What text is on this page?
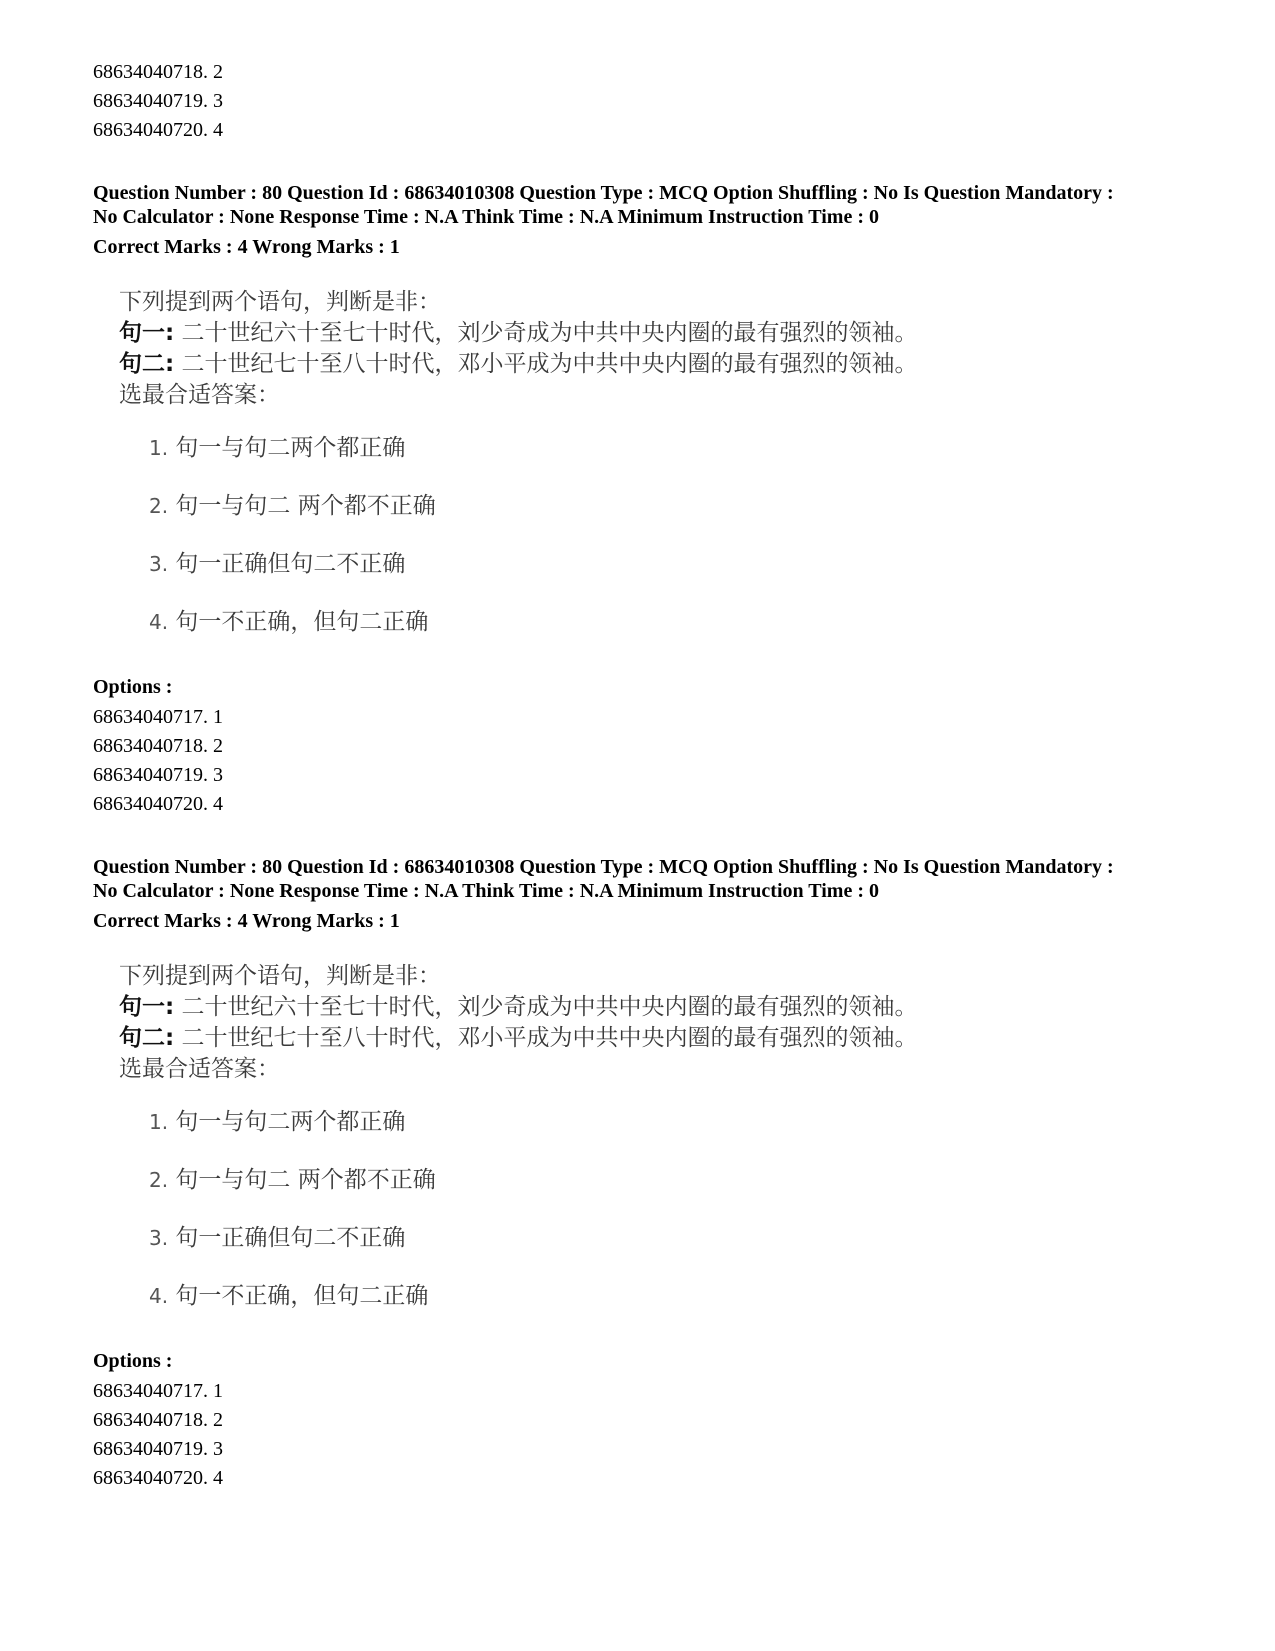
68634040718. 2

68634040719. 3

68634040720. 4

Question Number : 80 Question Id : 68634010308 Question Type : MCQ Option Shuffling : No Is Question Mandatory :

No Calculator : None Response Time : N.A Think Time : N.A Minimum Instruction Time : 0

Correct Marks : 4 Wrong Marks : 1

下列提到两个语句，判断是非：

句一: 二十世纪六十至七十时代，刘少奇成为中共中央内圈的最有强烈的领袖。

句二: 二十世纪七十至八十时代，邓小平成为中共中央内圈的最有强烈的领袖。

选最合适答案：

1. 句一与句二两个都正确
2. 句一与句二 两个都不正确
3. 句一正确但句二不正确
4. 句一不正确，但句二正确

Options :

68634040717. 1

68634040718. 2

68634040719. 3

68634040720. 4

Question Number : 80 Question Id : 68634010308 Question Type : MCQ Option Shuffling : No Is Question Mandatory :

No Calculator : None Response Time : N.A Think Time : N.A Minimum Instruction Time : 0

Correct Marks : 4 Wrong Marks : 1

下列提到两个语句，判断是非：

句一: 二十世纪六十至七十时代，刘少奇成为中共中央内圈的最有强烈的领袖。

句二: 二十世纪七十至八十时代，邓小平成为中共中央内圈的最有强烈的领袖。

选最合适答案：

1. 句一与句二两个都正确
2. 句一与句二 两个都不正确
3. 句一正确但句二不正确
4. 句一不正确，但句二正确

Options :

68634040717. 1

68634040718. 2

68634040719. 3

68634040720. 4
